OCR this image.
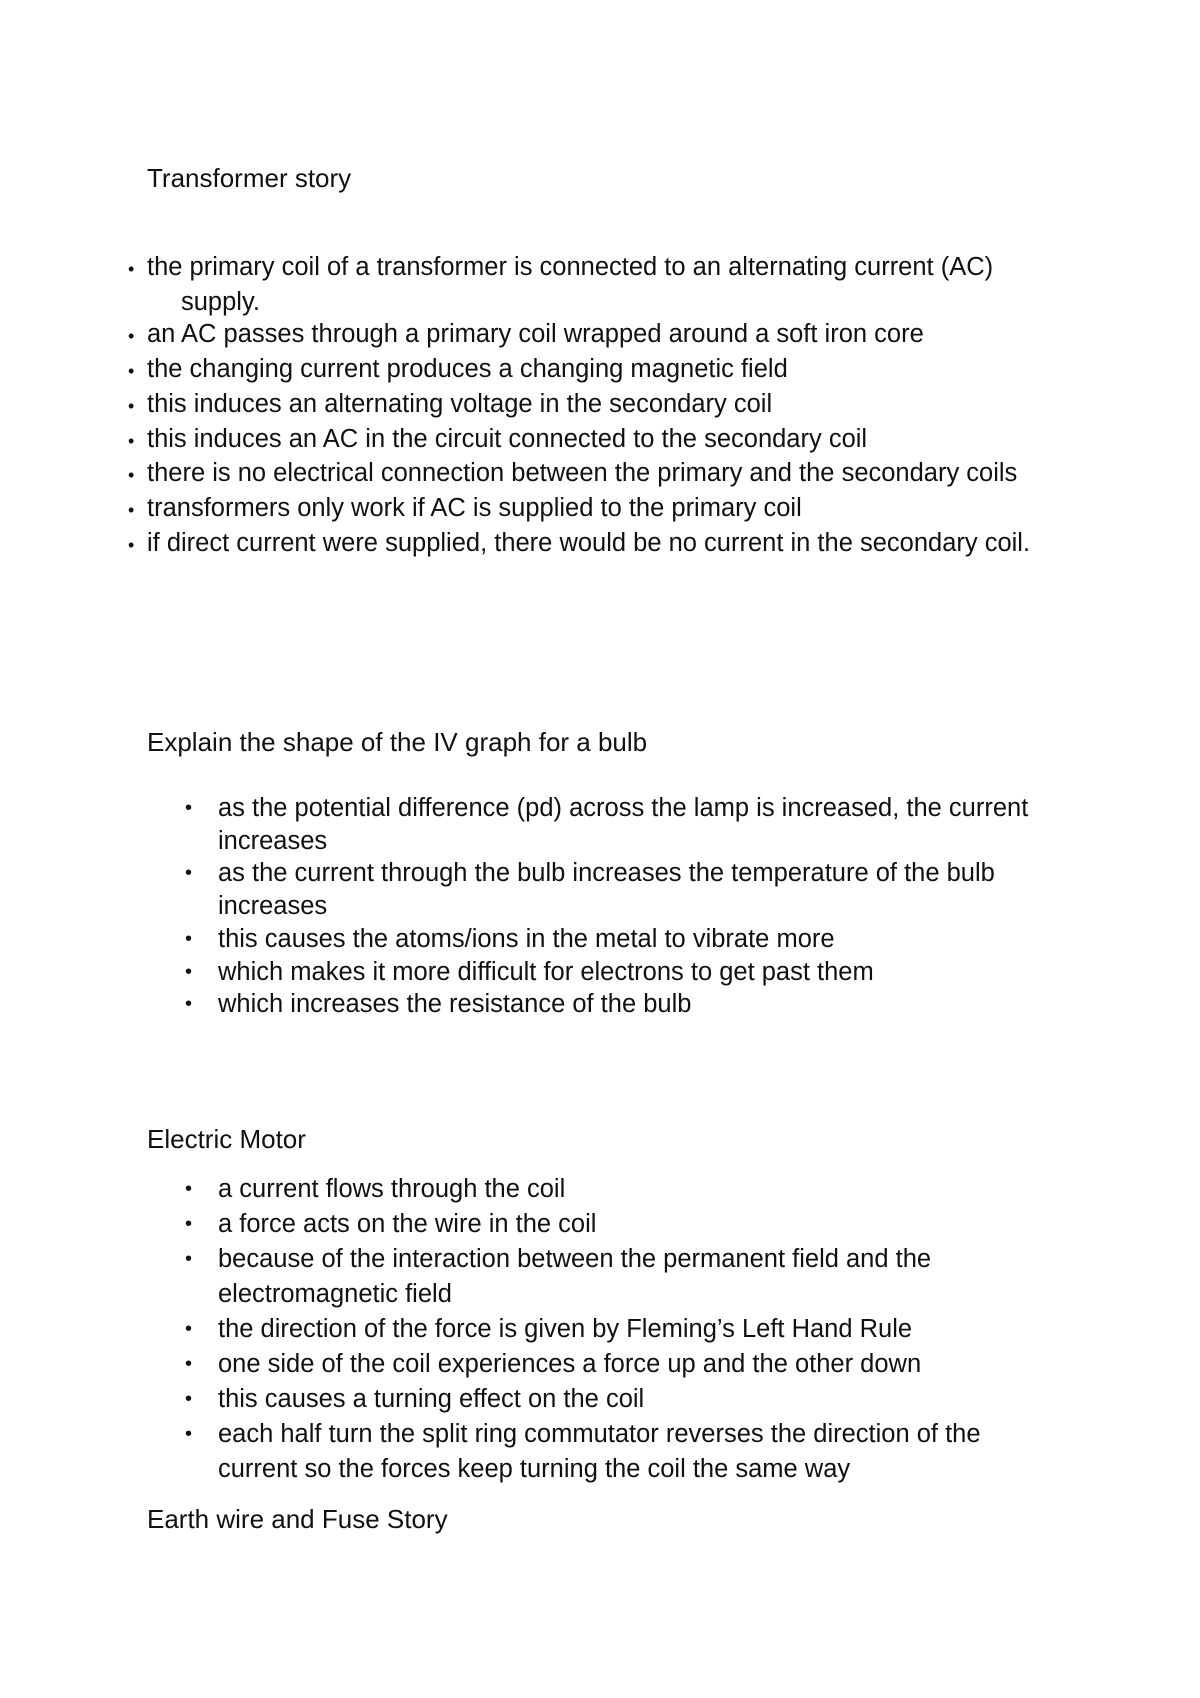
Transformer story
• the primary coil of a transformer is connected to an alternating current (AC) supply.
• an AC passes through a primary coil wrapped around a soft iron core
• the changing current produces a changing magnetic field
• this induces an alternating voltage in the secondary coil
• this induces an AC in the circuit connected to the secondary coil
• there is no electrical connection between the primary and the secondary coils
• transformers only work if AC is supplied to the primary coil
• if direct current were supplied, there would be no current in the secondary coil.
Explain the shape of the IV graph for a bulb
• as the potential difference (pd) across the lamp is increased, the current increases
• as the current through the bulb increases the temperature of the bulb increases
• this causes the atoms/ions in the metal to vibrate more
• which makes it more difficult for electrons to get past them
• which increases the resistance of the bulb
Electric Motor
• a current flows through the coil
• a force acts on the wire in the coil
• because of the interaction between the permanent field and the electromagnetic field
• the direction of the force is given by Fleming’s Left Hand Rule
• one side of the coil experiences a force up and the other down
• this causes a turning effect on the coil
• each half turn the split ring commutator reverses the direction of the current so the forces keep turning the coil the same way
Earth wire and Fuse Story
